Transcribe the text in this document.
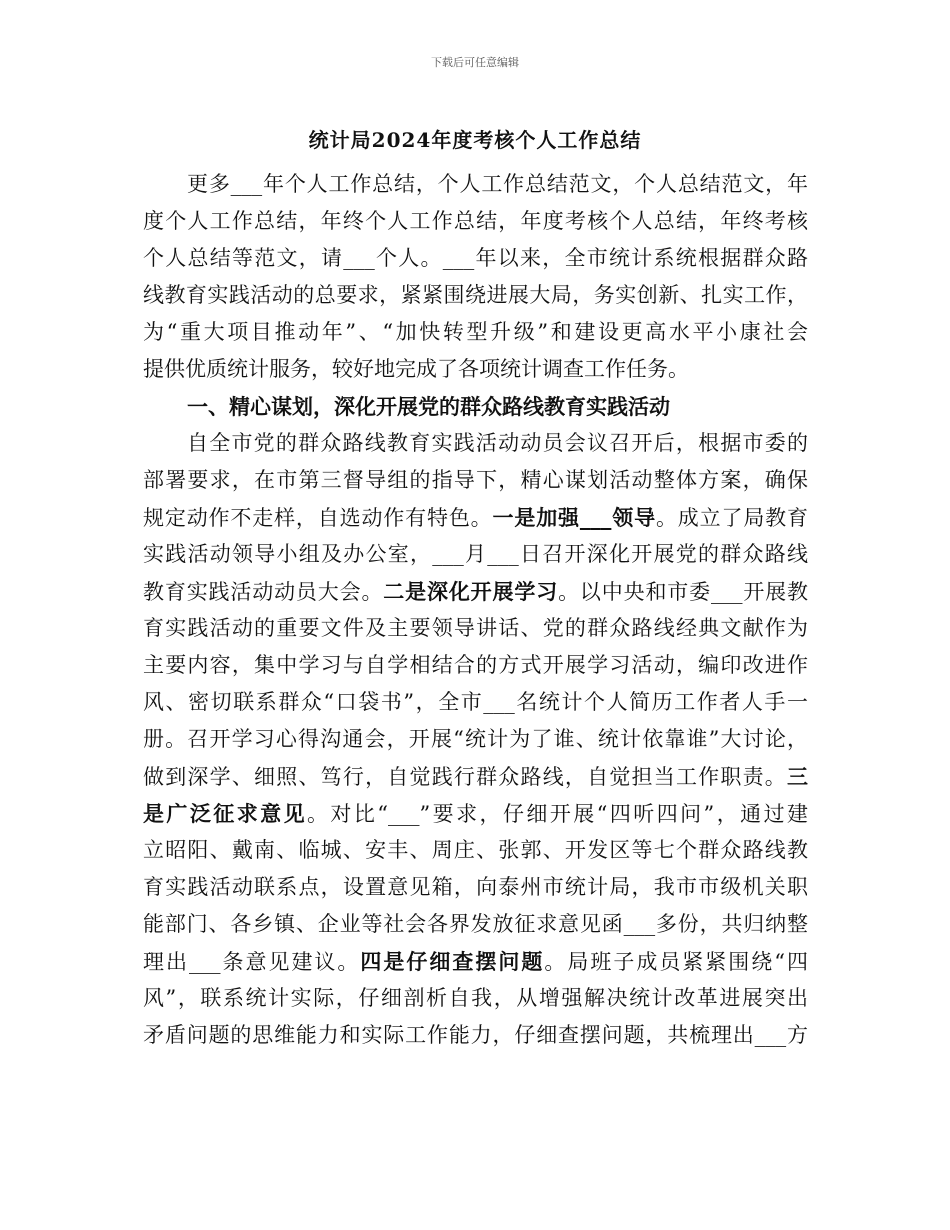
下载后可任意编辑
统计局2024年度考核个人工作总结
更多___年个人工作总结，个人工作总结范文，个人总结范文，年
度个人工作总结，年终个人工作总结，年度考核个人总结，年终考核
个人总结等范文，请___个人。___年以来，全市统计系统根据群众路
线教育实践活动的总要求，紧紧围绕进展大局，务实创新、扎实工作，
为“重大项目推动年”、“加快转型升级”和建设更高水平小康社会
提供优质统计服务，较好地完成了各项统计调查工作任务。
一、精心谋划，深化开展党的群众路线教育实践活动
自全市党的群众路线教育实践活动动员会议召开后，根据市委的
部署要求，在市第三督导组的指导下，精心谋划活动整体方案，确保
规定动作不走样，自选动作有特色。一是加强___领导。成立了局教育
实践活动领导小组及办公室，___月___日召开深化开展党的群众路线
教育实践活动动员大会。二是深化开展学习。以中央和市委___开展教
育实践活动的重要文件及主要领导讲话、党的群众路线经典文献作为
主要内容，集中学习与自学相结合的方式开展学习活动，编印改进作
风、密切联系群众“口袋书”，全市___名统计个人简历工作者人手一
册。召开学习心得沟通会，开展“统计为了谁、统计依靠谁”大讨论，
做到深学、细照、笃行，自觉践行群众路线，自觉担当工作职责。三
是广泛征求意见。对比“___”要求，仔细开展“四听四问”，通过建
立昭阳、戴南、临城、安丰、周庄、张郭、开发区等七个群众路线教
育实践活动联系点，设置意见箱，向泰州市统计局，我市市级机关职
能部门、各乡镇、企业等社会各界发放征求意见函___多份，共归纳整
理出___条意见建议。四是仔细查摆问题。局班子成员紧紧围绕“四
风”，联系统计实际，仔细剖析自我，从增强解决统计改革进展突出
矛盾问题的思维能力和实际工作能力，仔细查摆问题，共梳理出___方
